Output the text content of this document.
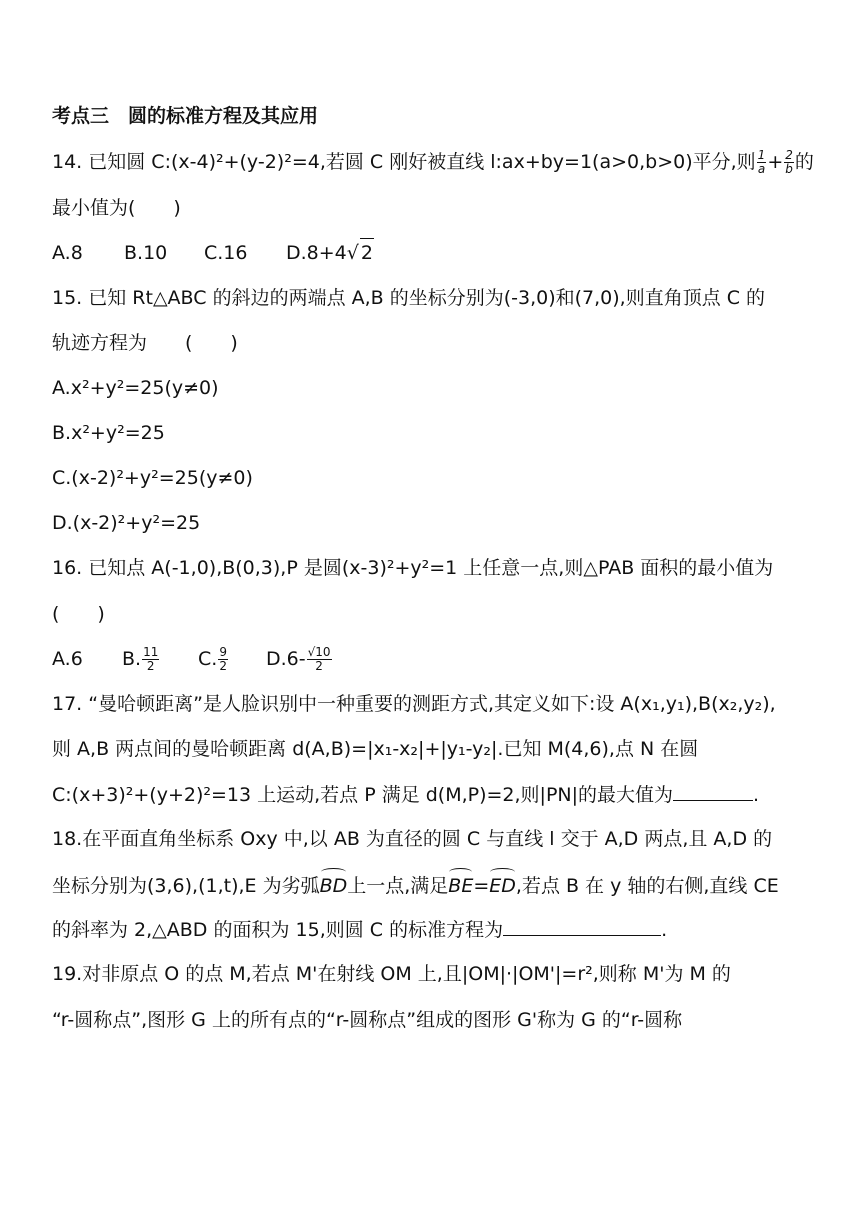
考点三　圆的标准方程及其应用
14. 已知圆 C:(x-4)²+(y-2)²=4,若圆 C 刚好被直线 l:ax+by=1(a>0,b>0)平分,则 $\frac{1}{a} + \frac{2}{b}$ 的
最小值为(　　)
A.8 B.10 C.16 D.8+4√ 2
15. 已知 Rt△ABC 的斜边的两端点 A,B 的坐标分别为(-3,0)和(7,0),则直角顶点 C 的
轨迹方程为　　(　　)
A.x²+y²=25(y≠0)
B.x²+y²=25
C.(x-2)²+y²=25(y≠0)
D.(x-2)²+y²=25
16. 已知点 A(-1,0),B(0,3),P 是圆(x-3)²+y²=1 上任意一点,则△PAB 面积的最小值为
(　　)
A.6 B. $\frac{11}{2} C$. $\frac{9}{2} D.6- \frac{√10}{2}$
17. “曼哈顿距离”是人脸识别中一种重要的测距方式,其定义如下:设 A(x₁,y₁),B(x₂,y₂),
则 A,B 两点间的曼哈顿距离 d(A,B)=|x₁-x₂|+|y₁-y₂|.已知 M(4,6),点 N 在圆
C:(x+3)²+(y+2)²=13 上运动,若点 P 满足 d(M,P)=2,则|PN|的最大值为	.
18.在平面直角坐标系 Oxy 中,以 AB 为直径的圆 C 与直线 l 交于 A,D 两点,且 A,D 的
坐标分别为(3,6),(1,t),E 为劣弧BD上一点,满足BE=ED,若点 B 在 y 轴的右侧,直线 CE
的斜率为 2,△ABD 的面积为 15,则圆 C 的标准方程为	.
19.对非原点 O 的点 M,若点 M'在射线 OM 上,且|OM|·|OM'|=r²,则称 M'为 M 的
“r-圆称点”,图形 G 上的所有点的“r-圆称点”组成的图形 G'称为 G 的“r-圆称
